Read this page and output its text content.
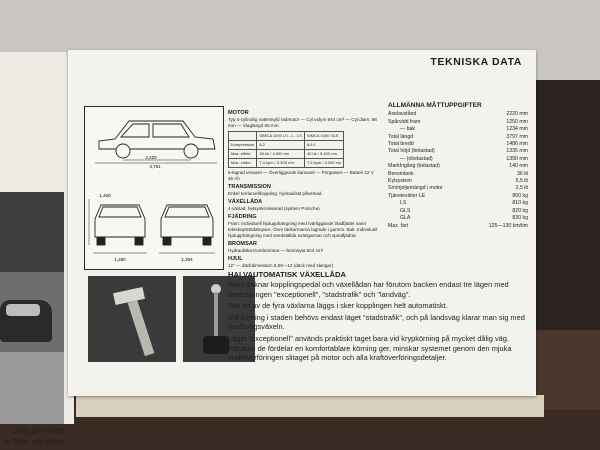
Lätta på trycket!
n. Bilen går bättre.
TEKNISKA DATA
2,220
3,791
1,250
1,460
1,304
MOTOR
Typ 4-cylindrig vattenkyld radmotor — Cyl.volym 944 cm³ — Cyl.diam. 68 mm — Slaglängd 65 mm
	SIMCA 1000 LS - L - LS	SIMCA 1000 GLS
Kompression	8,2	8,6:1
Max. effekt	35 hk / 4.600 r/m	40 hk / 5.400 r/m
Max. vridm.	7,4 kpm / 3.400 r/m	7,5 kpm / 3.000 r/m
5-lagrad vevaxel — Överliggande kamaxel — Förgasare — Batteri 12 V 45 Ah
TRANSMISSION
Enkel torrlamellkoppling, hydrauliskt påverkad.
VÄXELLÅDA
4-växlad, helsynkroniserad (system Porsche)
FJÄDRING
Fram: Individuell hjulupphängning med tvärliggande bladfjäder samt teleskopstötdämpare. Övre länkarmarna lagrade i gummi. Bak: Individuell hjulupphängning med snedställda svängarmar och spiralfjädrar.
BROMSAR
Hydrauliska trumbromsar — bromsyta 824 cm²
HJUL
12" — däckdimension 5,50—12 (däck med slangar)
ALLMÄNNA MÅTTUPPGIFTER
Axelavstånd	2220 mm
Spårvidd fram	1250 mm
— bak	1234 mm
Total längd	3797 mm
Total bredd	1486 mm
Total höjd (belastad)	1335 mm
— (obelastad)	1390 mm
Markfrigång (belastad)	140 mm
Bensintank	36 lit
Kylsystem	5,5 lit
Smörjoljemängd i motor	2,5 lit
Tjänstevikter LE	800 kg
LS	810 kg
GLS	820 kg
GLA	830 kg
Max. fart	125—130 km/tim
HALVAUTOMATISK VÄXELLÅDA

Bilen saknar kopplingspedal och växellådan har förutom backen endast tre lägen med beteckningen "exceptionell", "stadstrafik" och "landväg".

När en av de fyra växlarna läggs i sker kopplingen helt automatiskt.

Vid körning i staden behövs endast läget "stadstrafik", och på landsväg klarar man sig med landsvägsväxeln.

Läget "exceptionell" används praktiskt taget bara vid krypkörning på mycket dålig väg. Förutom de fördelar en komfortablare körning ger, minskar systemet genom den mjuka kraftöverföringen slitaget på motor och alla kraftöverföringsdetaljer.
